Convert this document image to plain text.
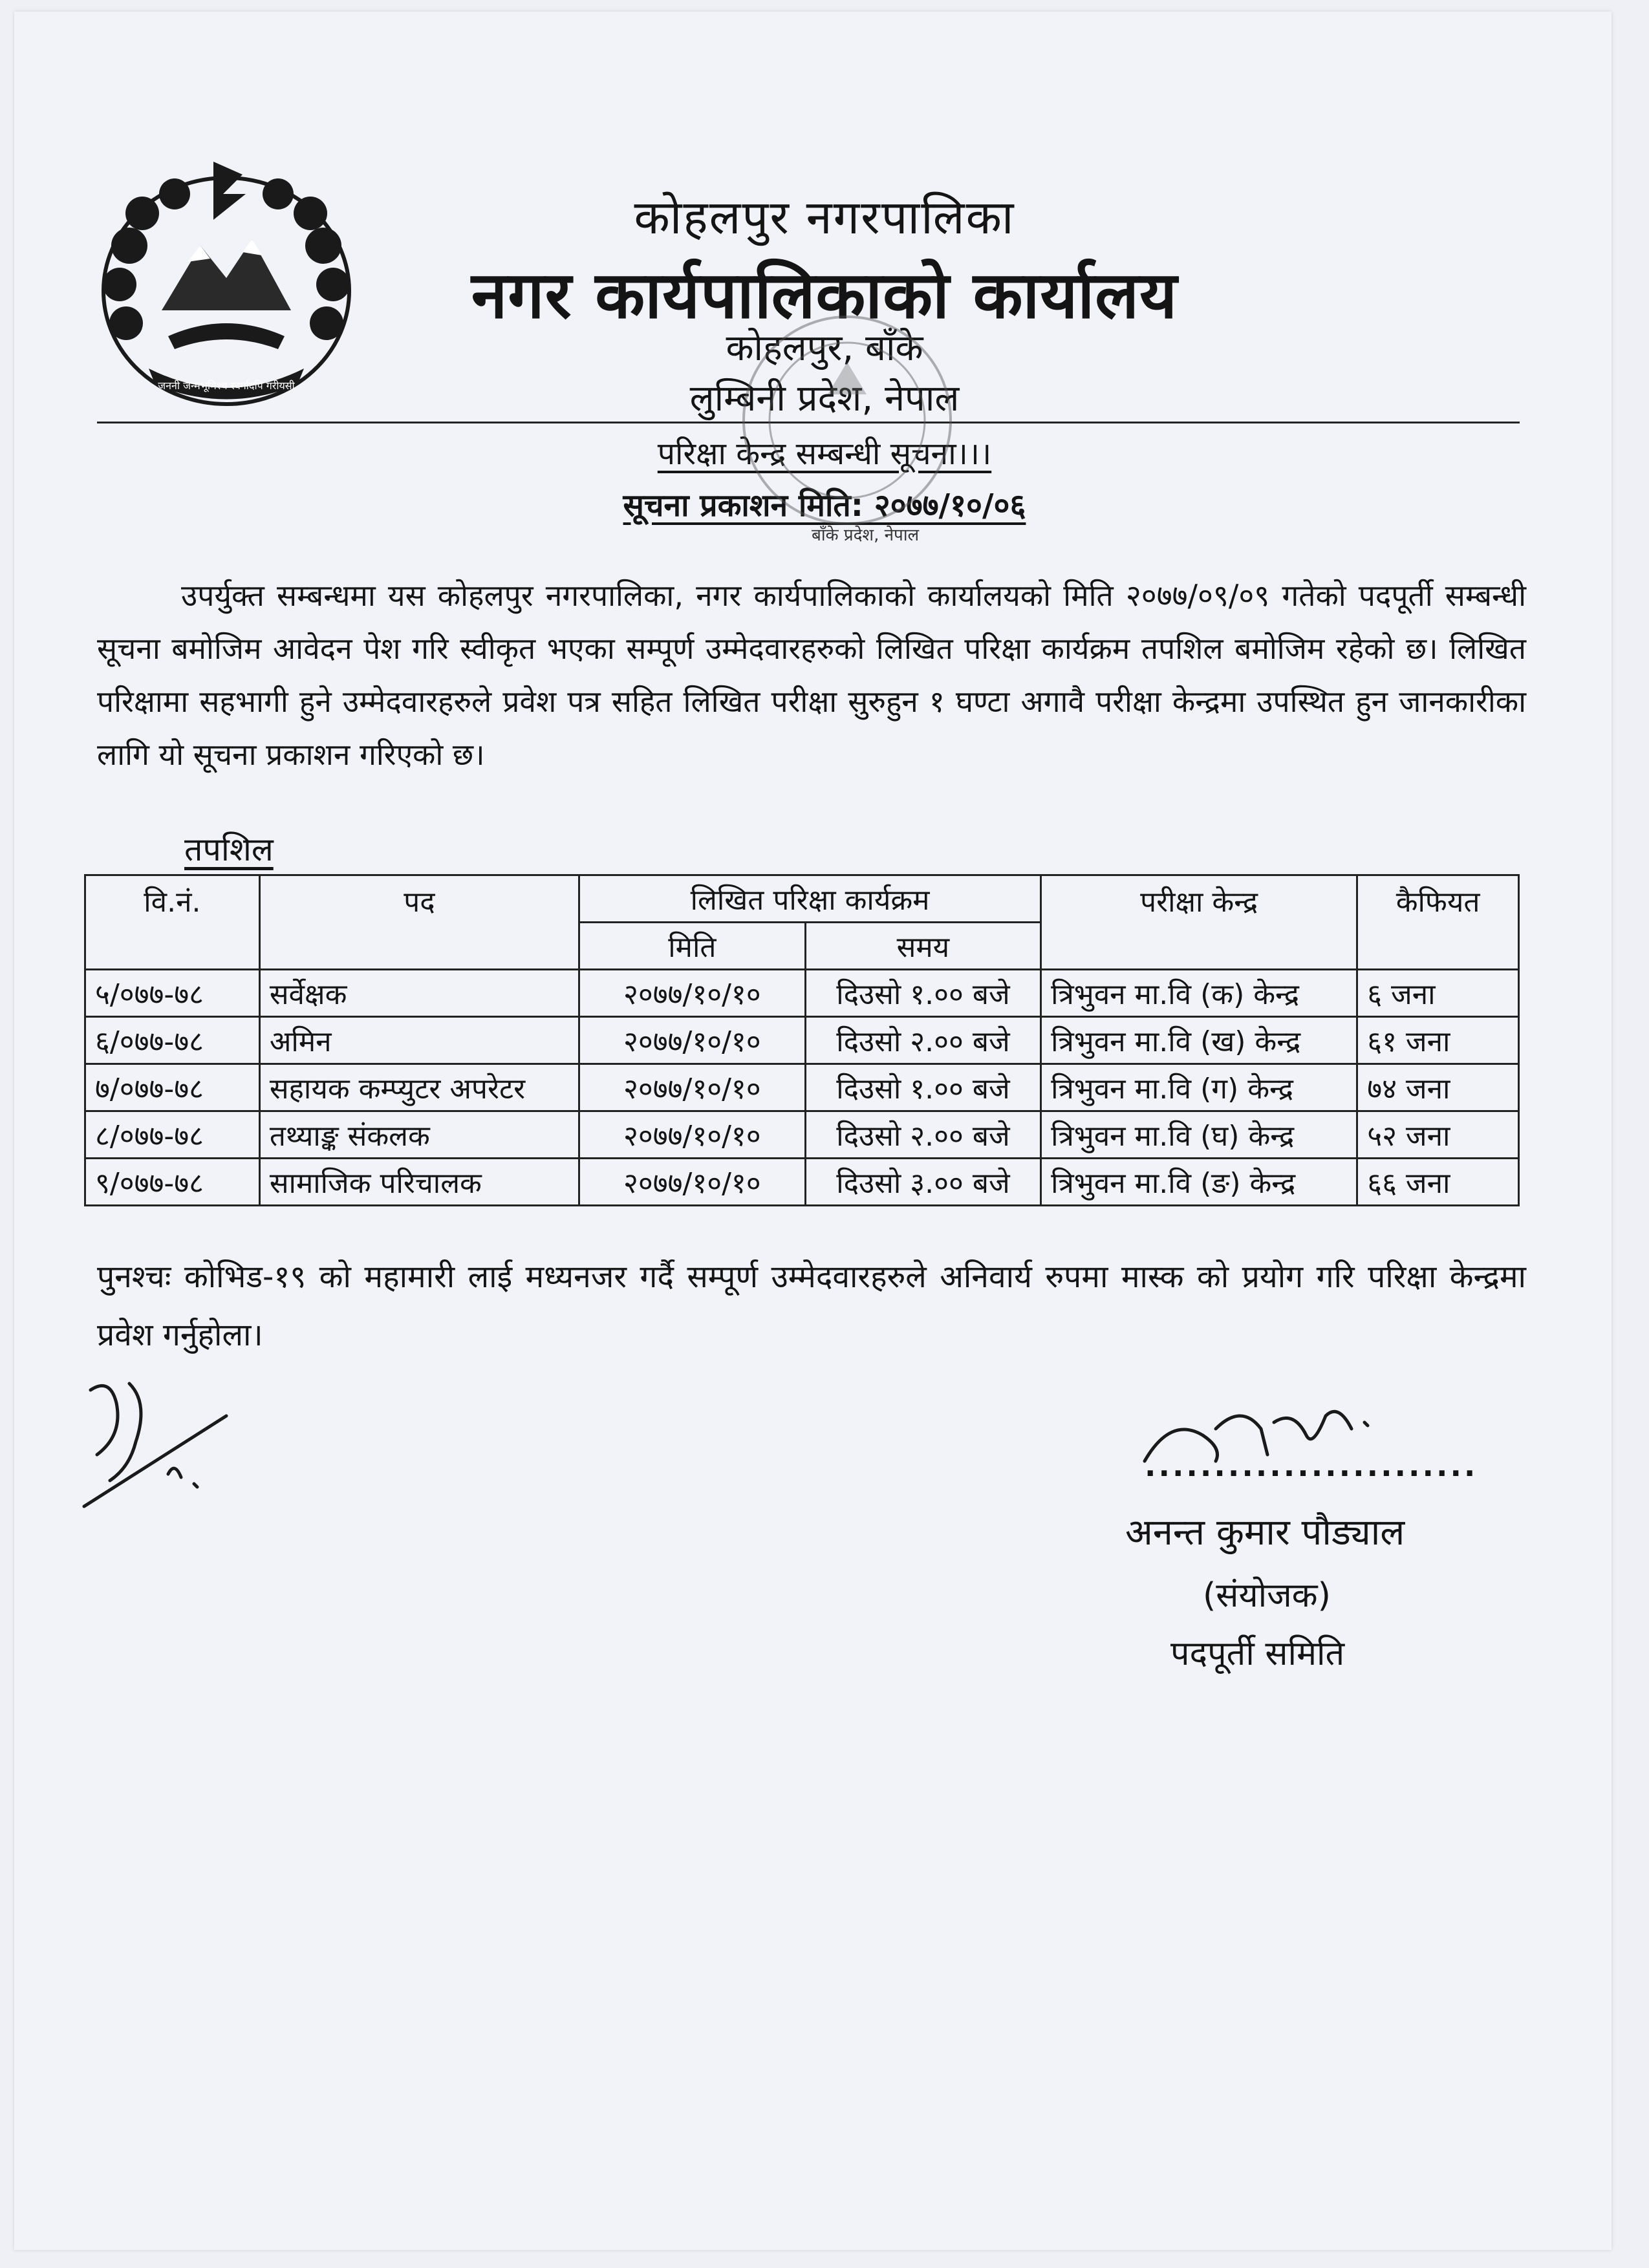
जननी जन्मभूमिश्च स्वर्गादपि गरीयसी
कोहलपुर नगरपालिका
नगर कार्यपालिकाको कार्यालय
कोहलपुर, बाँके
लुम्बिनी प्रदेश, नेपाल
परिक्षा केन्द्र सम्बन्धी सूचना।।।
सूचना प्रकाशन मिति: २०७७/१०/०६
बाँके प्रदेश, नेपाल
उपर्युक्त सम्बन्धमा यस कोहलपुर नगरपालिका, नगर कार्यपालिकाको कार्यालयको मिति २०७७/०९/०९ गतेको पदपूर्ती सम्बन्धी सूचना बमोजिम आवेदन पेश गरि स्वीकृत भएका सम्पूर्ण उम्मेदवारहरुको लिखित परिक्षा कार्यक्रम तपशिल बमोजिम रहेको छ। लिखित परिक्षामा सहभागी हुने उम्मेदवारहरुले प्रवेश पत्र सहित लिखित परीक्षा सुरुहुन १ घण्टा अगावै परीक्षा केन्द्रमा उपस्थित हुन जानकारीका लागि यो सूचना प्रकाशन गरिएको छ।
तपशिल
वि.नं.	पद	लिखित परिक्षा कार्यक्रम		परीक्षा केन्द्र	कैफियत
		मिति	समय		
५/०७७-७८	सर्वेक्षक	२०७७/१०/१०	दिउसो १.०० बजे	त्रिभुवन मा.वि (क) केन्द्र	६ जना
६/०७७-७८	अमिन	२०७७/१०/१०	दिउसो २.०० बजे	त्रिभुवन मा.वि (ख) केन्द्र	६१ जना
७/०७७-७८	सहायक कम्प्युटर अपरेटर	२०७७/१०/१०	दिउसो १.०० बजे	त्रिभुवन मा.वि (ग) केन्द्र	७४ जना
८/०७७-७८	तथ्याङ्क संकलक	२०७७/१०/१०	दिउसो २.०० बजे	त्रिभुवन मा.वि (घ) केन्द्र	५२ जना
९/०७७-७८	सामाजिक परिचालक	२०७७/१०/१०	दिउसो ३.०० बजे	त्रिभुवन मा.वि (ङ) केन्द्र	६६ जना
पुनश्चः कोभिड-१९ को महामारी लाई मध्यनजर गर्दै सम्पूर्ण उम्मेदवारहरुले अनिवार्य रुपमा मास्क को प्रयोग गरि परिक्षा केन्द्रमा प्रवेश गर्नुहोला।
........................
अनन्त कुमार पौड्याल
(संयोजक)
पदपूर्ती समिति
